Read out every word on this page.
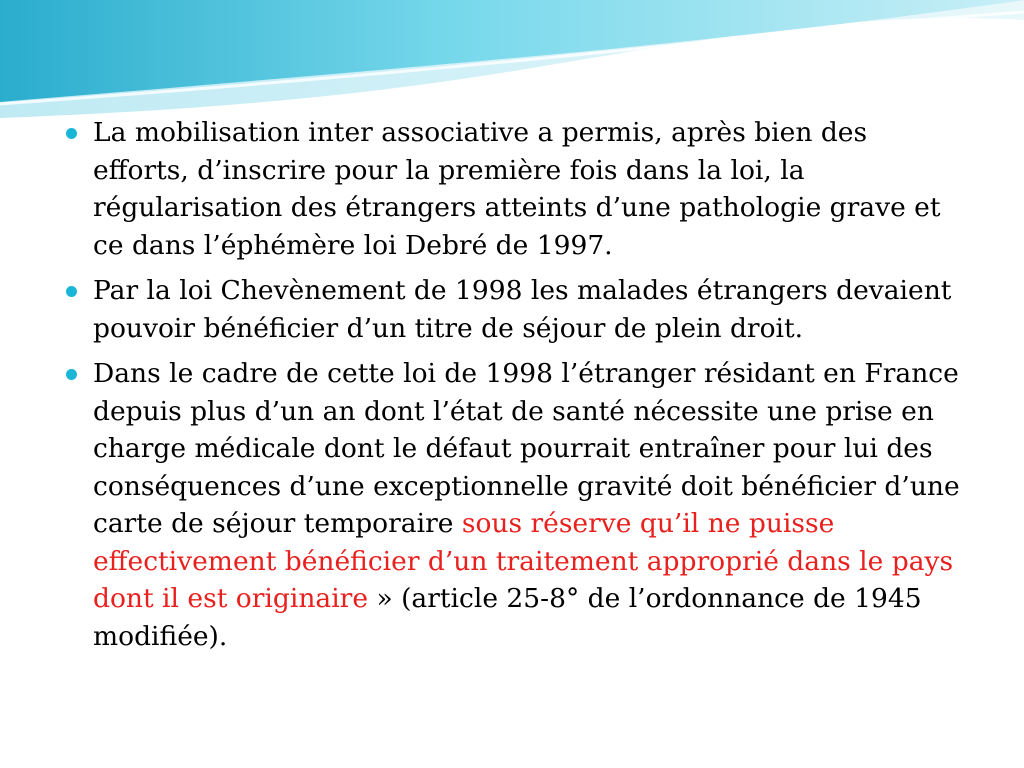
La mobilisation inter associative a permis, après bien des efforts, d’inscrire pour la première fois dans la loi, la régularisation des étrangers atteints d’une pathologie grave et ce dans l’éphémère loi Debré de 1997.
Par la loi Chevènement de 1998 les malades étrangers devaient pouvoir bénéficier d’un titre de séjour de plein droit.
Dans le cadre de cette loi de 1998 l’étranger résidant en France depuis plus d’un an dont l’état de santé nécessite une prise en charge médicale dont le défaut pourrait entraîner pour lui des conséquences d’une exceptionnelle gravité doit bénéficier d’une carte de séjour temporaire sous réserve qu’il ne puisse effectivement bénéficier d’un traitement approprié dans le pays dont il est originaire » (article 25-8° de l’ordonnance de 1945 modifiée).
